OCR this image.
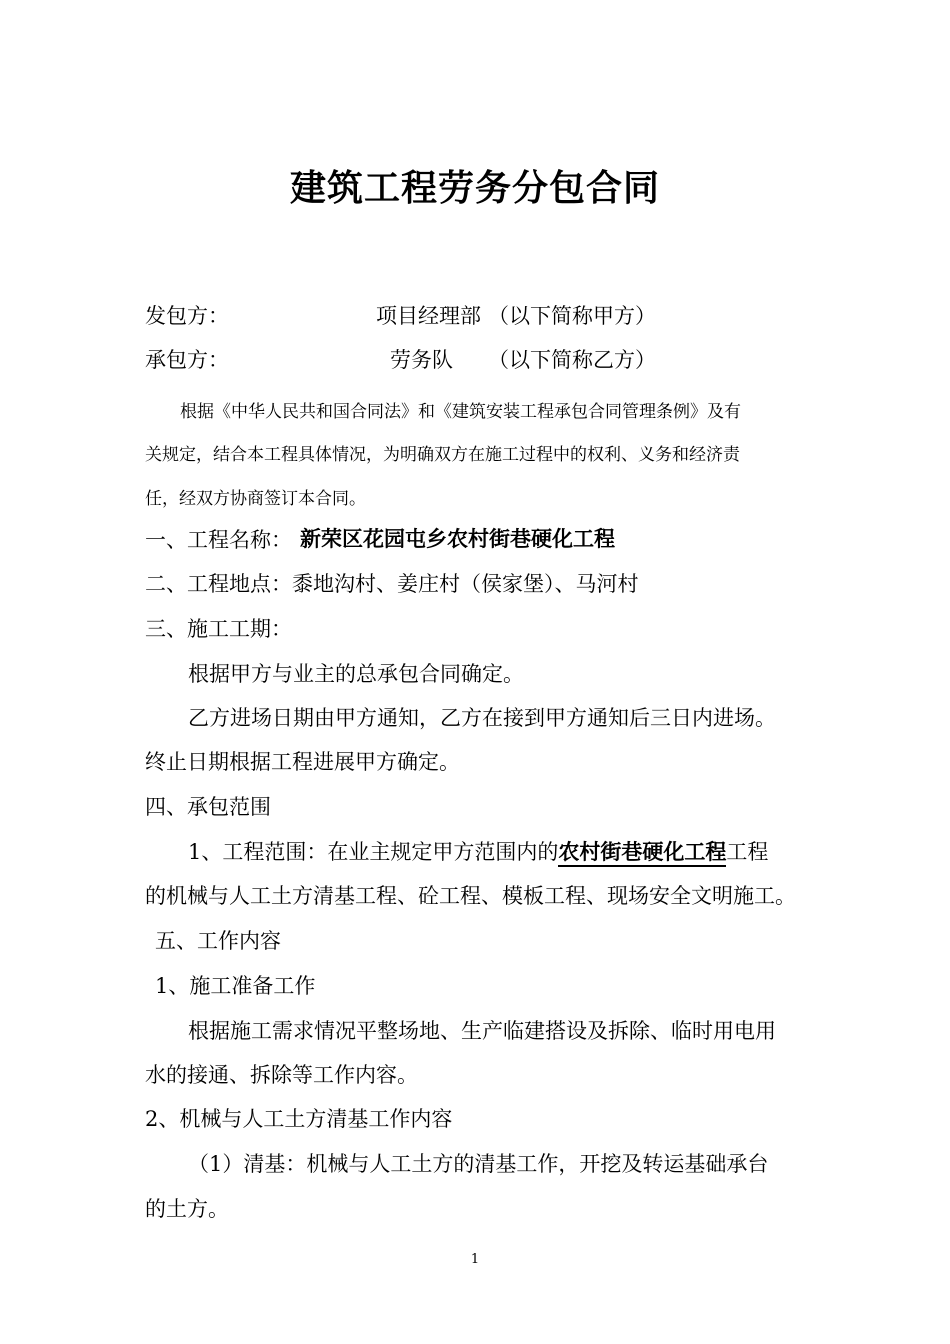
建筑工程劳务分包合同
发包方：	项目经理部 （以下简称甲方）
承包方：	劳务队 （以下简称乙方）
根据《中华人民共和国合同法》和《建筑安装工程承包合同管理条例》及有
关规定，结合本工程具体情况，为明确双方在施工过程中的权利、义务和经济责
任，经双方协商签订本合同。
一、工程名称： 新荣区花园屯乡农村街巷硬化工程
二、工程地点：黍地沟村、姜庄村（侯家堡）、马河村
三、施工工期：
根据甲方与业主的总承包合同确定。
乙方进场日期由甲方通知，乙方在接到甲方通知后三日内进场。
终止日期根据工程进展甲方确定。
四、承包范围
1、工程范围：在业主规定甲方范围内的农村街巷硬化工程工程
的机械与人工土方清基工程、砼工程、模板工程、现场安全文明施工。
五、工作内容
1、施工准备工作
根据施工需求情况平整场地、生产临建搭设及拆除、临时用电用
水的接通、拆除等工作内容。
2、机械与人工土方清基工作内容
（1）清基：机械与人工土方的清基工作，开挖及转运基础承台
的土方。
1
